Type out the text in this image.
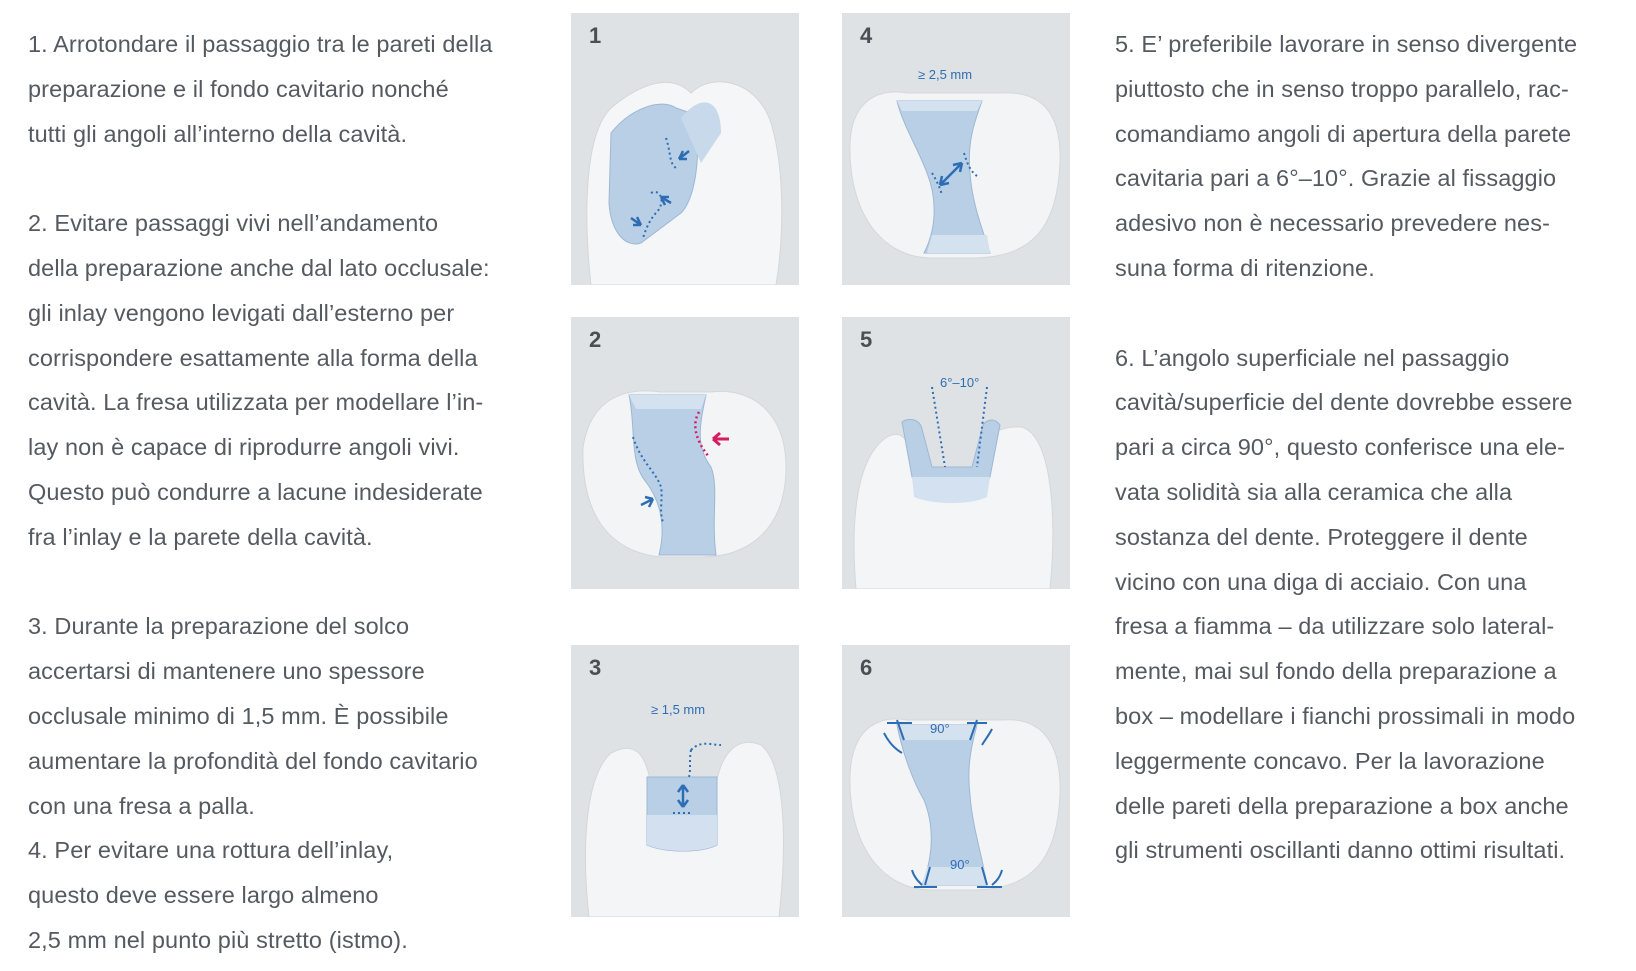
1. Arrotondare il passaggio tra le pareti della
preparazione e il fondo cavitario nonché
tutti gli angoli all’interno della cavità.

2. Evitare passaggi vivi nell’andamento
della preparazione anche dal lato occlusale:
gli inlay vengono levigati dall’esterno per
corrispondere esattamente alla forma della
cavità. La fresa utilizzata per modellare l’in-
lay non è capace di riprodurre angoli vivi.
Questo può condurre a lacune indesiderate
fra l’inlay e la parete della cavità.

3. Durante la preparazione del solco
accertarsi di mantenere uno spessore
occlusale minimo di 1,5 mm. È possibile
aumentare la profondità del fondo cavitario
con una fresa a palla.

4. Per evitare una rottura dell’inlay,
questo deve essere largo almeno
2,5 mm nel punto più stretto (istmo).

1
2
3
≥ 1,5 mm
4
≥ 2,5 mm
5
6°–10°
6
90°
90°

5. E’ preferibile lavorare in senso divergente
piuttosto che in senso troppo parallelo, rac-
comandiamo angoli di apertura della parete
cavitaria pari a 6°–10°. Grazie al fissaggio
adesivo non è necessario prevedere nes-
suna forma di ritenzione.

6. L’angolo superficiale nel passaggio
cavità/superficie del dente dovrebbe essere
pari a circa 90°, questo conferisce una ele-
vata solidità sia alla ceramica che alla
sostanza del dente. Proteggere il dente
vicino con una diga di acciaio. Con una
fresa a fiamma – da utilizzare solo lateral-
mente, mai sul fondo della preparazione a
box – modellare i fianchi prossimali in modo
leggermente concavo. Per la lavorazione
delle pareti della preparazione a box anche
gli strumenti oscillanti danno ottimi risultati.
